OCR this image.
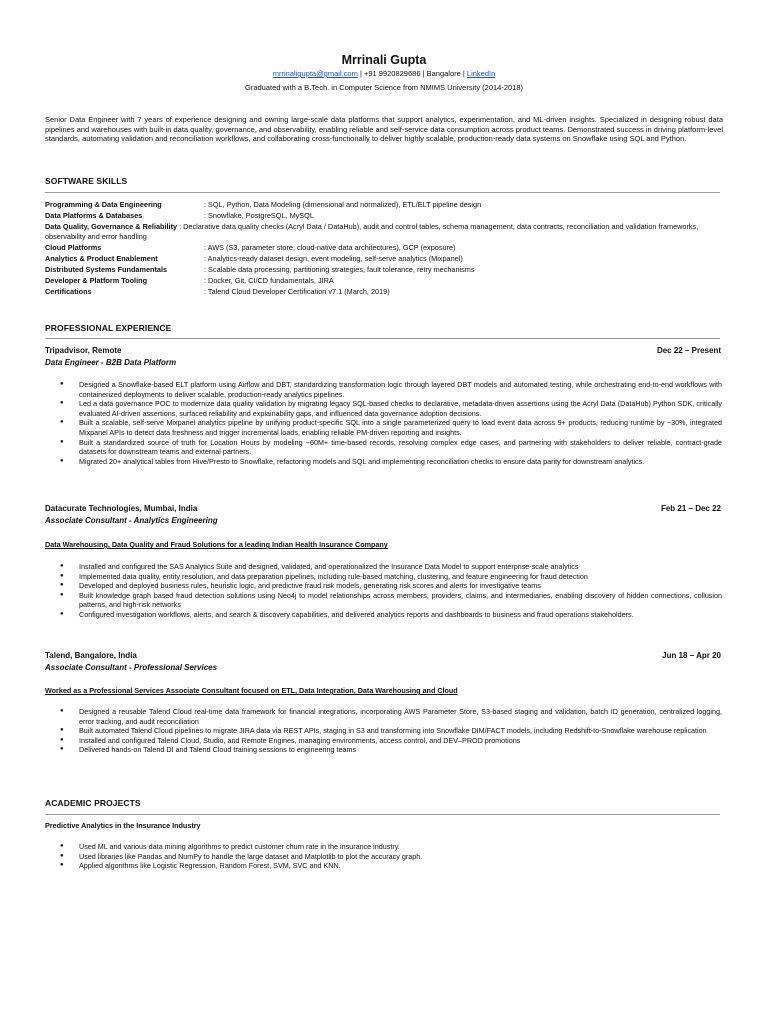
Mrrinali Gupta
mrrinaligupta@gmail.com | +91 9920829686 | Bangalore | LinkedIn
Graduated with a B.Tech. in Computer Science from NMIMS University (2014-2018)
Senior Data Engineer with 7 years of experience designing and owning large-scale data platforms that support analytics, experimentation, and ML-driven insights. Specialized in designing robust data pipelines and warehouses with built-in data quality, governance, and observability, enabling reliable and self-service data consumption across product teams. Demonstrated success in driving platform-level standards, automating validation and reconciliation workflows, and collaborating cross-functionally to deliver highly scalable, production-ready data systems on Snowflake using SQL and Python.
SOFTWARE SKILLS
Programming & Data Engineering	: SQL, Python, Data Modeling (dimensional and normalized), ETL/ELT pipeline design
Data Platforms & Databases	: Snowflake, PostgreSQL, MySQL
Data Quality, Governance & Reliability : Declarative data quality checks (Acryl Data / DataHub), audit and control tables, schema management, data contracts, reconciliation and validation frameworks, observability and error handling
Cloud Platforms	: AWS (S3, parameter store, cloud-native data architectures), GCP (exposure)
Analytics & Product Enablement	: Analytics-ready dataset design, event modeling, self-serve analytics (Mixpanel)
Distributed Systems Fundamentals	: Scalable data processing, partitioning strategies, fault tolerance, retry mechanisms
Developer & Platform Tooling	: Docker, Git, CI/CD fundamentals, JIRA
Certifications	: Talend Cloud Developer Certification v7.1 (March, 2019)
PROFESSIONAL EXPERIENCE
Tripadvisor, Remote	Dec 22 – Present
Data Engineer - B2B Data Platform
● Designed a Snowflake-based ELT platform using Airflow and DBT, standardizing transformation logic through layered DBT models and automated testing, while orchestrating end-to-end workflows with containerized deployments to deliver scalable, production-ready analytics pipelines.
● Led a data governance POC to modernize data quality validation by migrating legacy SQL-based checks to declarative, metadata-driven assertions using the Acryl Data (DataHub) Python SDK, critically evaluated AI-driven assertions, surfaced reliability and explainability gaps, and influenced data governance adoption decisions.
● Built a scalable, self-serve Mixpanel analytics pipeline by unifying product-specific SQL into a single parameterized query to load event data across 9+ products, reducing runtime by ~30%, integrated Mixpanel APIs to detect data freshness and trigger incremental loads, enabling reliable PM-driven reporting and insights.
● Built a standardized source of truth for Location Hours by modeling ~60M+ time-based records, resolving complex edge cases, and partnering with stakeholders to deliver reliable, contract-grade datasets for downstream teams and external partners.
● Migrated 20+ analytical tables from Hive/Presto to Snowflake, refactoring models and SQL and implementing reconciliation checks to ensure data parity for downstream analytics.
Datacurate Technologies, Mumbai, India	Feb 21 – Dec 22
Associate Consultant - Analytics Engineering
Data Warehousing, Data Quality and Fraud Solutions for a leading Indian Health Insurance Company
● Installed and configured the SAS Analytics Suite and designed, validated, and operationalized the Insurance Data Model to support enterprise-scale analytics
● Implemented data quality, entity resolution, and data preparation pipelines, including rule-based matching, clustering, and feature engineering for fraud detection
● Developed and deployed business rules, heuristic logic, and predictive fraud risk models, generating risk scores and alerts for investigative teams
● Built knowledge graph based fraud detection solutions using Neo4j to model relationships across members, providers, claims, and intermediaries, enabling discovery of hidden connections, collusion patterns, and high-risk networks
● Configured investigation workflows, alerts, and search & discovery capabilities, and delivered analytics reports and dashboards to business and fraud operations stakeholders.
Talend, Bangalore, India	Jun 18 – Apr 20
Associate Consultant - Professional Services
Worked as a Professional Services Associate Consultant focused on ETL, Data Integration, Data Warehousing and Cloud
● Designed a reusable Talend Cloud real-time data framework for financial integrations, incorporating AWS Parameter Store, S3-based staging and validation, batch ID generation, centralized logging, error tracking, and audit reconciliation
● Built automated Talend Cloud pipelines to migrate JIRA data via REST APIs, staging in S3 and transforming into Snowflake DIM/FACT models, including Redshift-to-Snowflake warehouse replication
● Installed and configured Talend Cloud, Studio, and Remote Engines, managing environments, access control, and DEV–PROD promotions
● Delivered hands-on Talend DI and Talend Cloud training sessions to engineering teams
ACADEMIC PROJECTS
Predictive Analytics in the Insurance Industry
● Used ML and various data mining algorithms to predict customer churn rate in the insurance industry.
● Used libraries like Pandas and NumPy to handle the large dataset and Matplotlib to plot the accuracy graph.
● Applied algorithms like Logistic Regression, Random Forest, SVM, SVC and KNN.
